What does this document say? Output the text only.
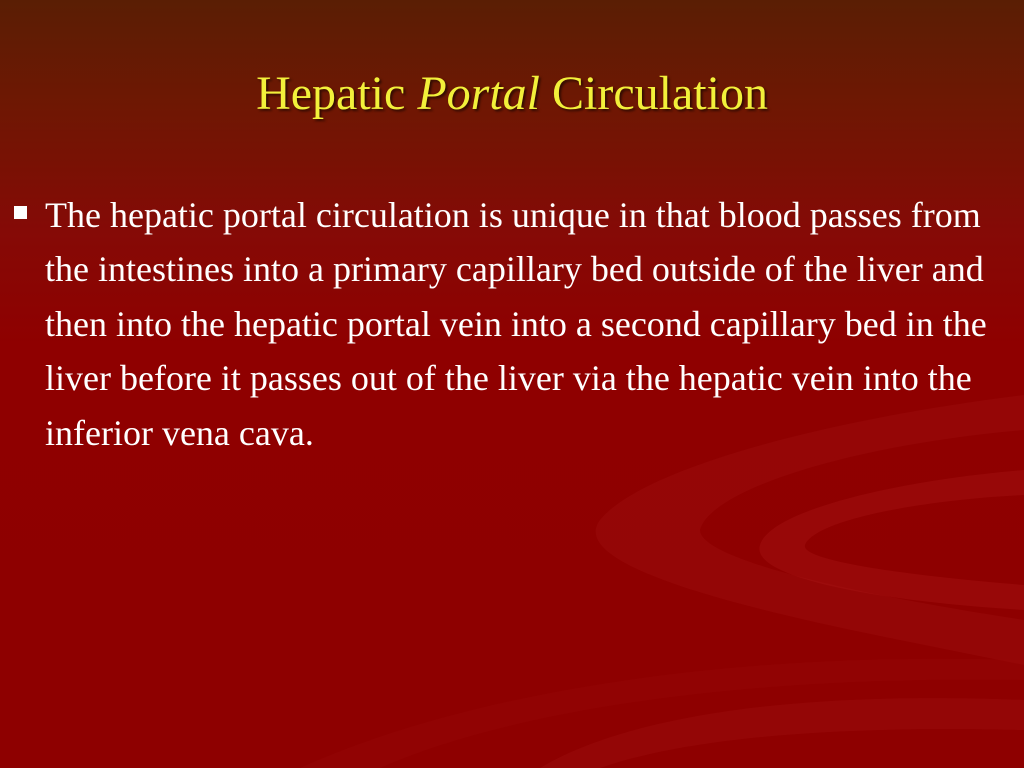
Hepatic Portal Circulation
The hepatic portal circulation is unique in that blood passes from the intestines into a primary capillary bed outside of the liver and then into the hepatic portal vein into a second capillary bed in the liver before it passes out of the liver via the hepatic vein into the inferior vena cava.
